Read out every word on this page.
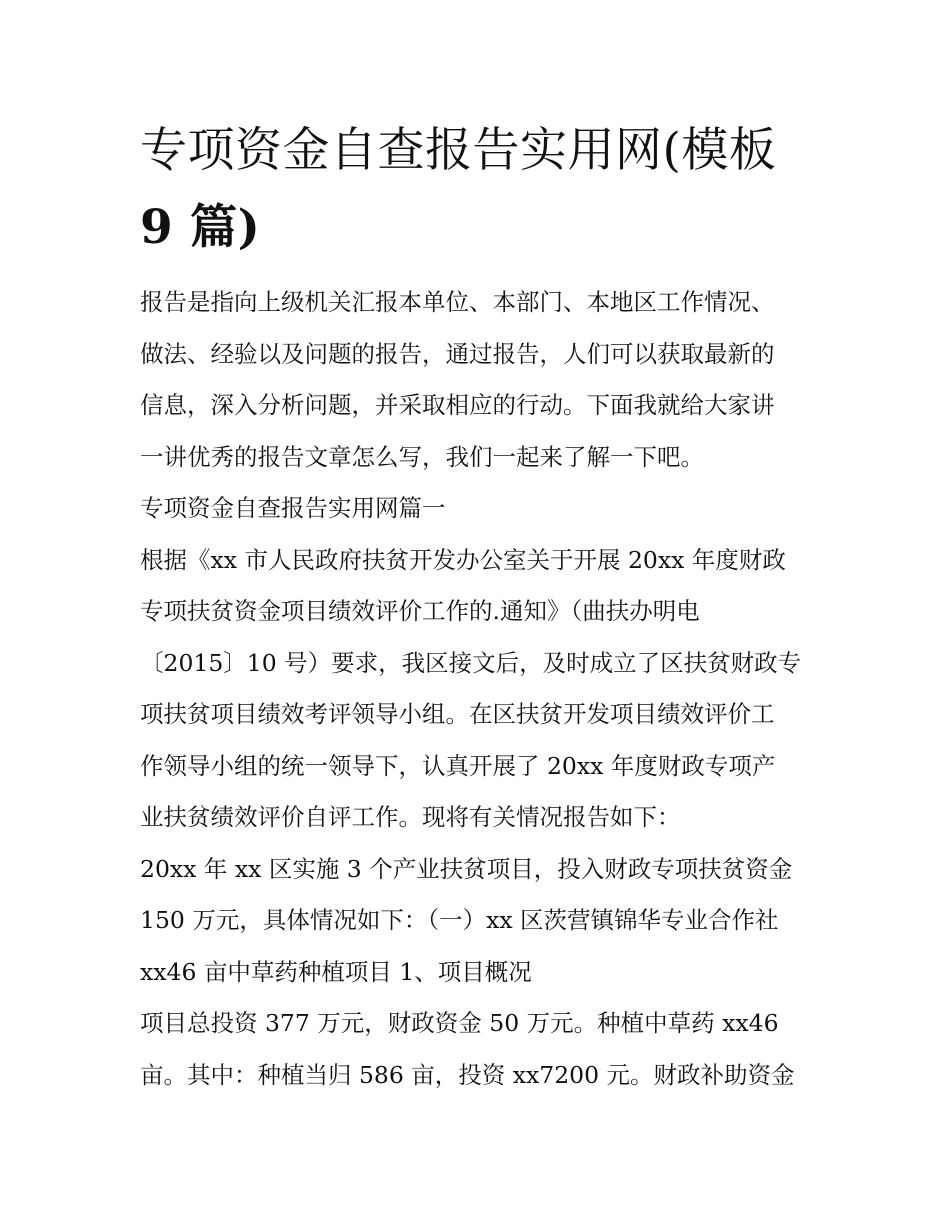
专项资金自查报告实用网(模板
9 篇)
报告是指向上级机关汇报本单位、本部门、本地区工作情况、
做法、经验以及问题的报告，通过报告，人们可以获取最新的
信息，深入分析问题，并采取相应的行动。下面我就给大家讲
一讲优秀的报告文章怎么写，我们一起来了解一下吧。
专项资金自查报告实用网篇一
根据《xx 市人民政府扶贫开发办公室关于开展 20xx 年度财政
专项扶贫资金项目绩效评价工作的.通知》（曲扶办明电
〔2015〕10 号）要求，我区接文后，及时成立了区扶贫财政专
项扶贫项目绩效考评领导小组。在区扶贫开发项目绩效评价工
作领导小组的统一领导下，认真开展了 20xx 年度财政专项产
业扶贫绩效评价自评工作。现将有关情况报告如下：
20xx 年 xx 区实施 3 个产业扶贫项目，投入财政专项扶贫资金
150 万元，具体情况如下：（一）xx 区茨营镇锦华专业合作社
xx46 亩中草药种植项目 1、项目概况
项目总投资 377 万元，财政资金 50 万元。种植中草药 xx46
亩。其中：种植当归 586 亩，投资 xx7200 元。财政补助资金
